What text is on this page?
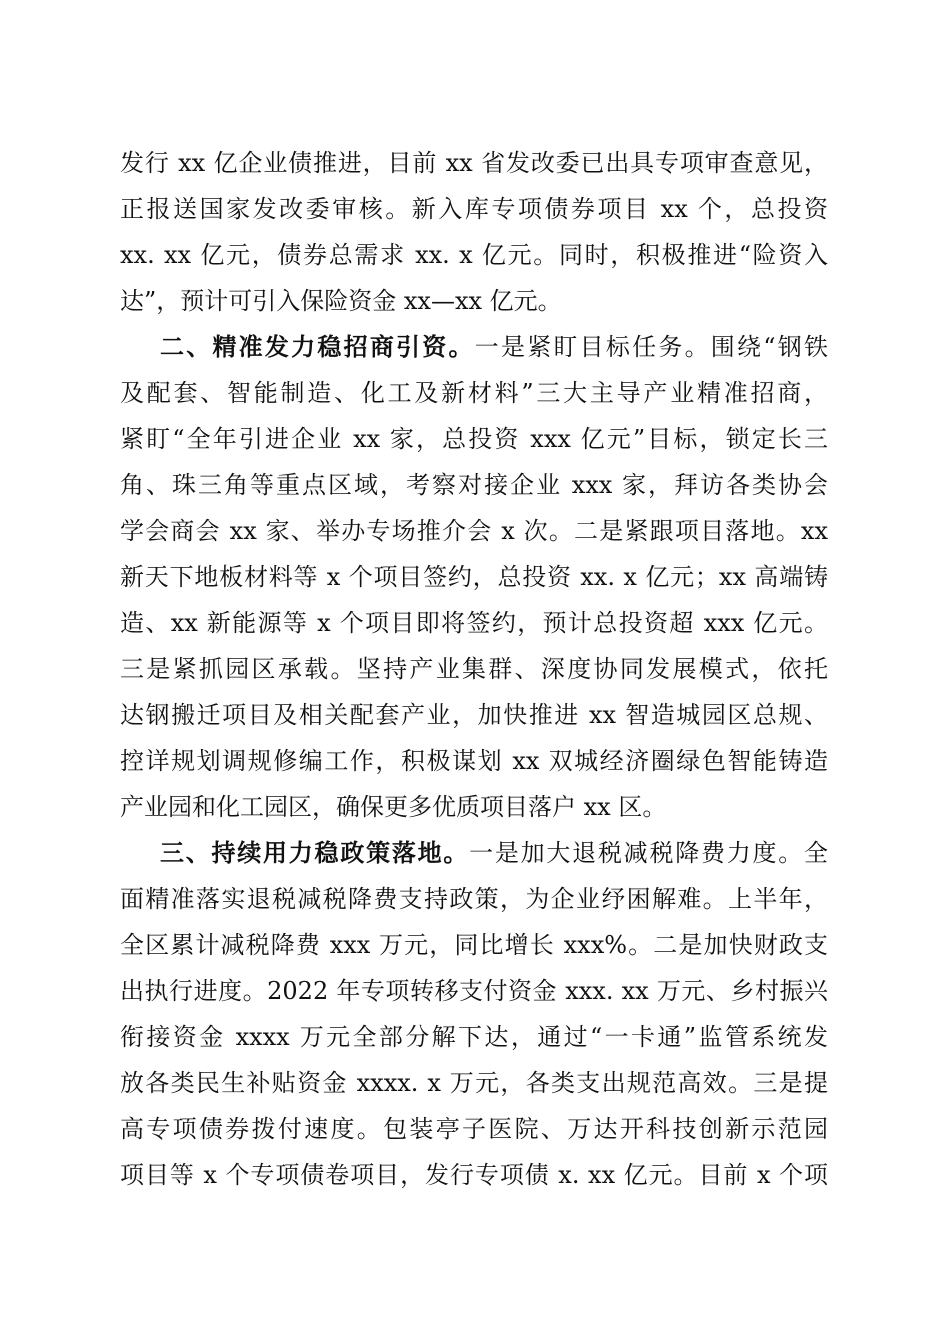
发行 xx 亿企业债推进，目前 xx 省发改委已出具专项审查意见，
正报送国家发改委审核。新入库专项债券项目 xx 个，总投资
xx. xx 亿元，债券总需求 xx. x 亿元。同时，积极推进“险资入
达”，预计可引入保险资金 xx—xx 亿元。
二、精准发力稳招商引资。一是紧盯目标任务。围绕“钢铁
及配套、智能制造、化工及新材料”三大主导产业精准招商，
紧盯“全年引进企业 xx 家，总投资 xxx 亿元”目标，锁定长三
角、珠三角等重点区域，考察对接企业 xxx 家，拜访各类协会
学会商会 xx 家、举办专场推介会 x 次。二是紧跟项目落地。xx
新天下地板材料等 x 个项目签约，总投资 xx. x 亿元；xx 高端铸
造、xx 新能源等 x 个项目即将签约，预计总投资超 xxx 亿元。
三是紧抓园区承载。坚持产业集群、深度协同发展模式，依托
达钢搬迁项目及相关配套产业，加快推进 xx 智造城园区总规、
控详规划调规修编工作，积极谋划 xx 双城经济圈绿色智能铸造
产业园和化工园区，确保更多优质项目落户 xx 区。
三、持续用力稳政策落地。一是加大退税减税降费力度。全
面精准落实退税减税降费支持政策，为企业纾困解难。上半年，
全区累计减税降费 xxx 万元，同比增长 xxx%。二是加快财政支
出执行进度。2022 年专项转移支付资金 xxx. xx 万元、乡村振兴
衔接资金 xxxx 万元全部分解下达，通过“一卡通”监管系统发
放各类民生补贴资金 xxxx. x 万元，各类支出规范高效。三是提
高专项债券拨付速度。包装亭子医院、万达开科技创新示范园
项目等 x 个专项债卷项目，发行专项债 x. xx 亿元。目前 x 个项
